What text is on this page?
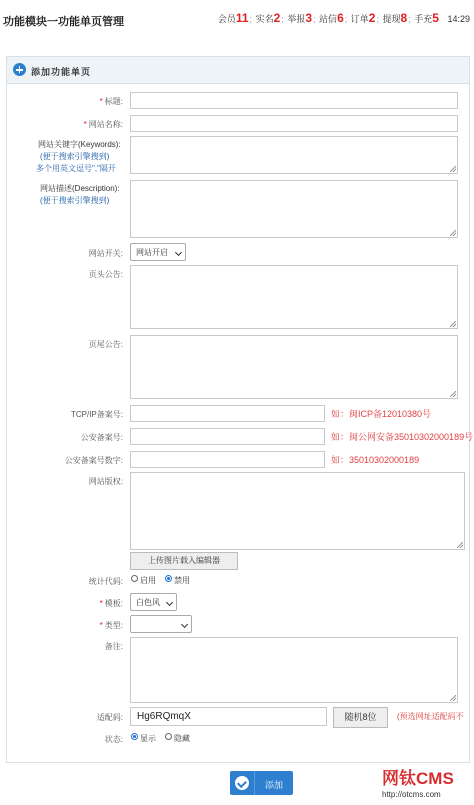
功能模块一功能单页管理	会员11; 实名2; 举报3; 站信6; 订单2; 提现8; 手充5 14:29
添加功能单页
* 标题:
* 网站名称:
网站关键字(Keywords):
(便于搜索引擎搜到)
多个用英文逗号","隔开
网站描述(Description):
(便于搜索引擎搜到)
网站开关:	网站开启
页头公告:
页尾公告:
TCP/IP备案号:	如：闽ICP备12010380号
公安备案号:	如：闽公网安备35010302000189号
公安备案号数字:	如：35010302000189
网站版权:
上传图片载入编辑器
统计代码: 启用 禁用
* 模板:	白色风
* 类型:
备注:
适配码:	Hg6RQmqX	随机8位	(预选网址适配码不
状态: 显示 隐藏
添加	网钛CMS
http://otcms.com
